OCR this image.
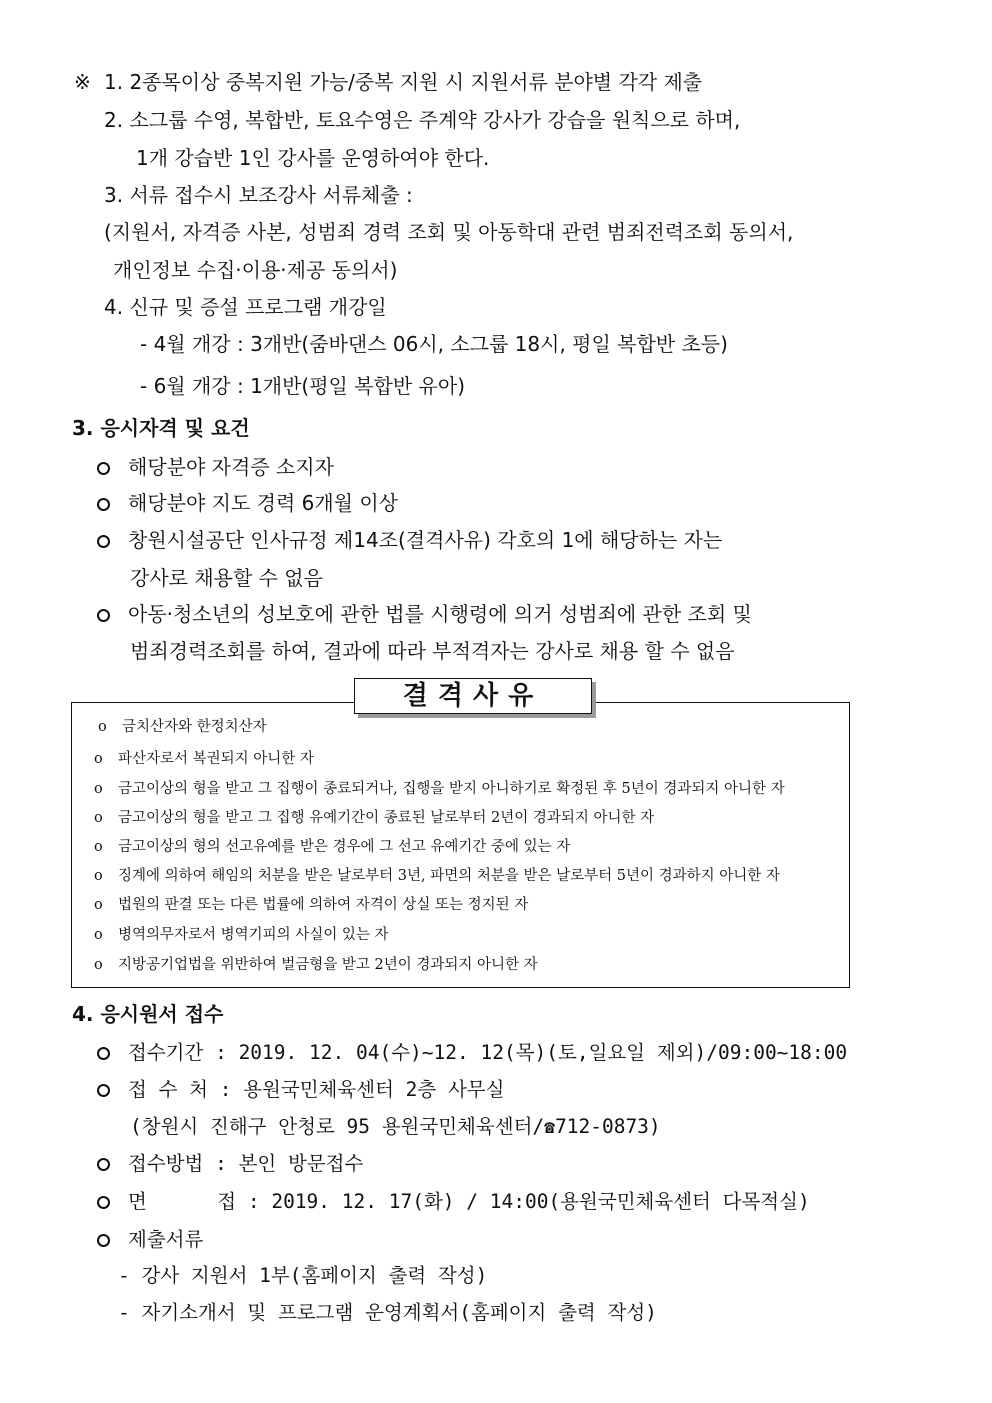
※ 1. 2종목이상 중복지원 가능/중복 지원 시 지원서류 분야별 각각 제출
2. 소그룹 수영, 복합반, 토요수영은 주계약 강사가 강습을 원칙으로 하며,
1개 강습반 1인 강사를 운영하여야 한다.
3. 서류 접수시 보조강사 서류체출 :
(지원서, 자격증 사본, 성범죄 경력 조회 및 아동학대 관련 범죄전력조회 동의서,
개인정보 수집·이용·제공 동의서)
4. 신규 및 증설 프로그램 개강일
- 4월 개강 : 3개반(줌바댄스 06시, 소그룹 18시, 평일 복합반 초등)
- 6월 개강 : 1개반(평일 복합반 유아)
3. 응시자격 및 요건
해당분야 자격증 소지자
해당분야 지도 경력 6개월 이상
창원시설공단 인사규정 제14조(결격사유) 각호의 1에 해당하는 자는
강사로 채용할 수 없음
아동·청소년의 성보호에 관한 법를 시행령에 의거 성범죄에 관한 조회 및
범죄경력조회를 하여, 결과에 따라 부적격자는 강사로 채용 할 수 없음
결격사유
o 금치산자와 한정치산자
o 파산자로서 복권되지 아니한 자
o 금고이상의 형을 받고 그 집행이 종료되거나, 집행을 받지 아니하기로 확정된 후 5년이 경과되지 아니한 자
o 금고이상의 형을 받고 그 집행 유예기간이 종료된 날로부터 2년이 경과되지 아니한 자
o 금고이상의 형의 선고유예를 받은 경우에 그 선고 유예기간 중에 있는 자
o 징계에 의하여 해임의 처분을 받은 날로부터 3년, 파면의 처분을 받은 날로부터 5년이 경과하지 아니한 자
o 법원의 판결 또는 다른 법률에 의하여 자격이 상실 또는 정지된 자
o 병역의무자로서 병역기피의 사실이 있는 자
o 지방공기업법을 위반하여 벌금형을 받고 2년이 경과되지 아니한 자
4. 응시원서 접수
접수기간 : 2019. 12. 04(수)~12. 12(목)(토,일요일 제외)/09:00~18:00
접 수 처 : 용원국민체육센터 2층 사무실
(창원시 진해구 안청로 95 용원국민체육센터/☎712-0873)
접수방법 : 본인 방문접수
면      접 : 2019. 12. 17(화) / 14:00(용원국민체육센터 다목적실)
제출서류
- 강사 지원서 1부(홈페이지 출력 작성)
- 자기소개서 및 프로그램 운영계획서(홈페이지 출력 작성)
